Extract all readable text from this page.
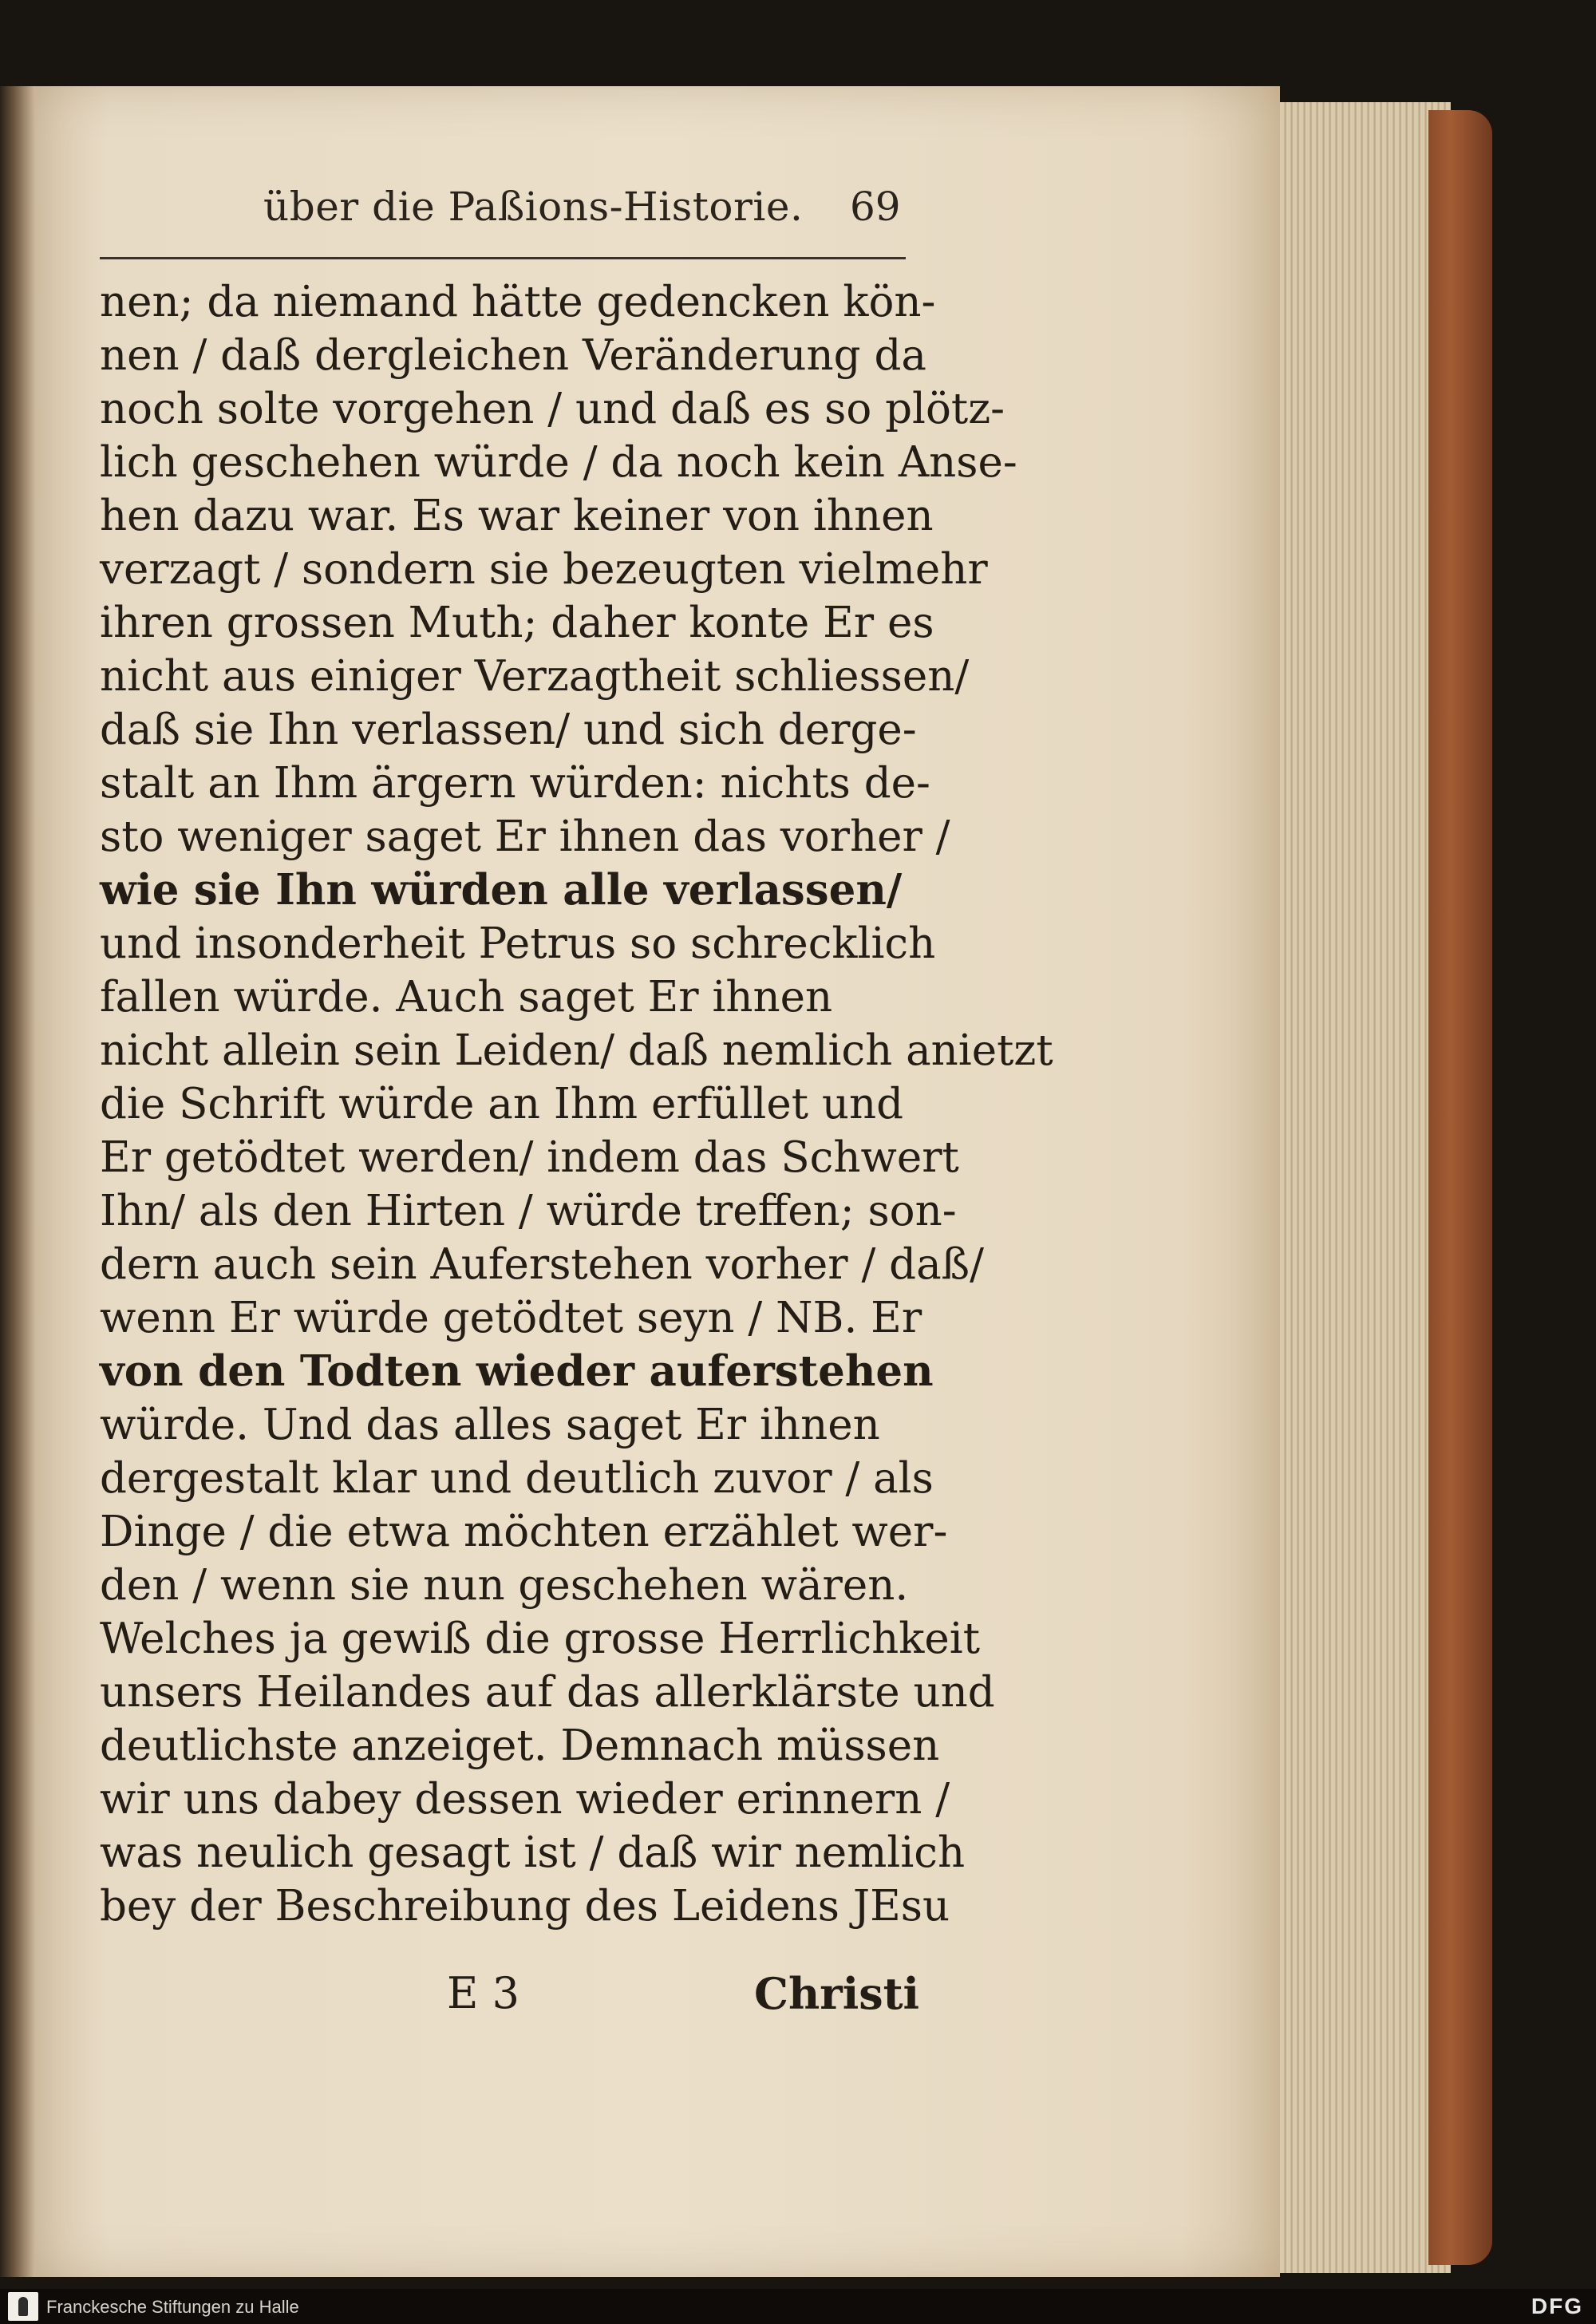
über die Paßions-Historie.	69
nen; da niemand hätte gedencken kön-
nen / daß dergleichen Veränderung da
noch solte vorgehen / und daß es so plötz-
lich geschehen würde / da noch kein Anse-
hen dazu war. Es war keiner von ihnen
verzagt / sondern sie bezeugten vielmehr
ihren grossen Muth; daher konte Er es
nicht aus einiger Verzagtheit schliessen/
daß sie Ihn verlassen/ und sich derge-
stalt an Ihm ärgern würden: nichts de-
sto weniger saget Er ihnen das vorher /
wie sie Ihn würden alle verlassen/
und insonderheit Petrus so schrecklich
fallen würde. Auch saget Er ihnen
nicht allein sein Leiden/ daß nemlich anietzt
die Schrift würde an Ihm erfüllet und
Er getödtet werden/ indem das Schwert
Ihn/ als den Hirten / würde treffen; son-
dern auch sein Auferstehen vorher / daß/
wenn Er würde getödtet seyn / NB. Er
von den Todten wieder auferstehen
würde. Und das alles saget Er ihnen
dergestalt klar und deutlich zuvor / als
Dinge / die etwa möchten erzählet wer-
den / wenn sie nun geschehen wären.
Welches ja gewiß die grosse Herrlichkeit
unsers Heilandes auf das allerklärste und
deutlichste anzeiget. Demnach müssen
wir uns dabey dessen wieder erinnern /
was neulich gesagt ist / daß wir nemlich
bey der Beschreibung des Leidens JEsu
E 3	Christi
Franckesche Stiftungen zu Halle	DFG
